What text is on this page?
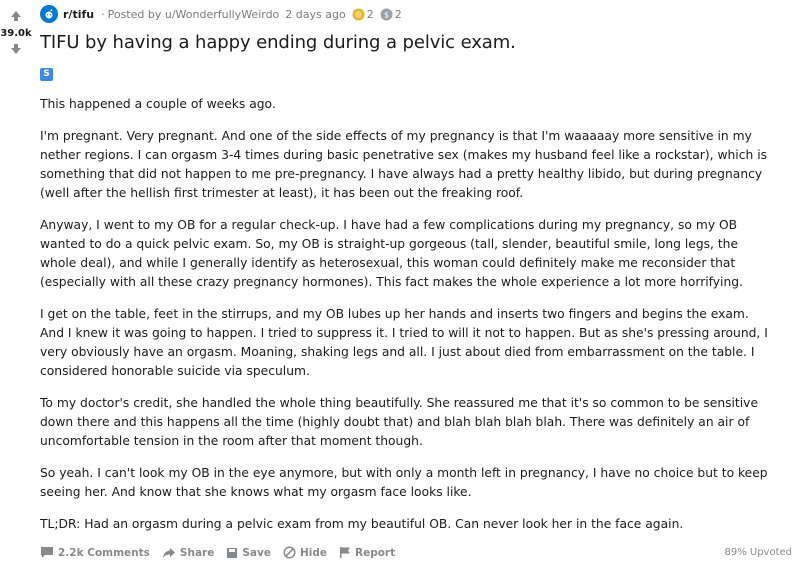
39.0k
r/tifu · Posted by u/WonderfullyWeirdo 2 days ago 2 $ 2
TIFU by having a happy ending during a pelvic exam.
S

This happened a couple of weeks ago.

I'm pregnant. Very pregnant. And one of the side effects of my pregnancy is that I'm waaaaay more sensitive in my nether regions. I can orgasm 3-4 times during basic penetrative sex (makes my husband feel like a rockstar), which is something that did not happen to me pre-pregnancy. I have always had a pretty healthy libido, but during pregnancy (well after the hellish first trimester at least), it has been out the freaking roof.

Anyway, I went to my OB for a regular check-up. I have had a few complications during my pregnancy, so my OB wanted to do a quick pelvic exam. So, my OB is straight-up gorgeous (tall, slender, beautiful smile, long legs, the whole deal), and while I generally identify as heterosexual, this woman could definitely make me reconsider that (especially with all these crazy pregnancy hormones). This fact makes the whole experience a lot more horrifying.

I get on the table, feet in the stirrups, and my OB lubes up her hands and inserts two fingers and begins the exam. And I knew it was going to happen. I tried to suppress it. I tried to will it not to happen. But as she's pressing around, I very obviously have an orgasm. Moaning, shaking legs and all. I just about died from embarrassment on the table. I considered honorable suicide via speculum.

To my doctor's credit, she handled the whole thing beautifully. She reassured me that it's so common to be sensitive down there and this happens all the time (highly doubt that) and blah blah blah blah. There was definitely an air of uncomfortable tension in the room after that moment though.

So yeah. I can't look my OB in the eye anymore, but with only a month left in pregnancy, I have no choice but to keep seeing her. And know that she knows what my orgasm face looks like.

TL;DR: Had an orgasm during a pelvic exam from my beautiful OB. Can never look her in the face again.

2.2k Comments	Share	Save	Hide	Report	89% Upvoted
